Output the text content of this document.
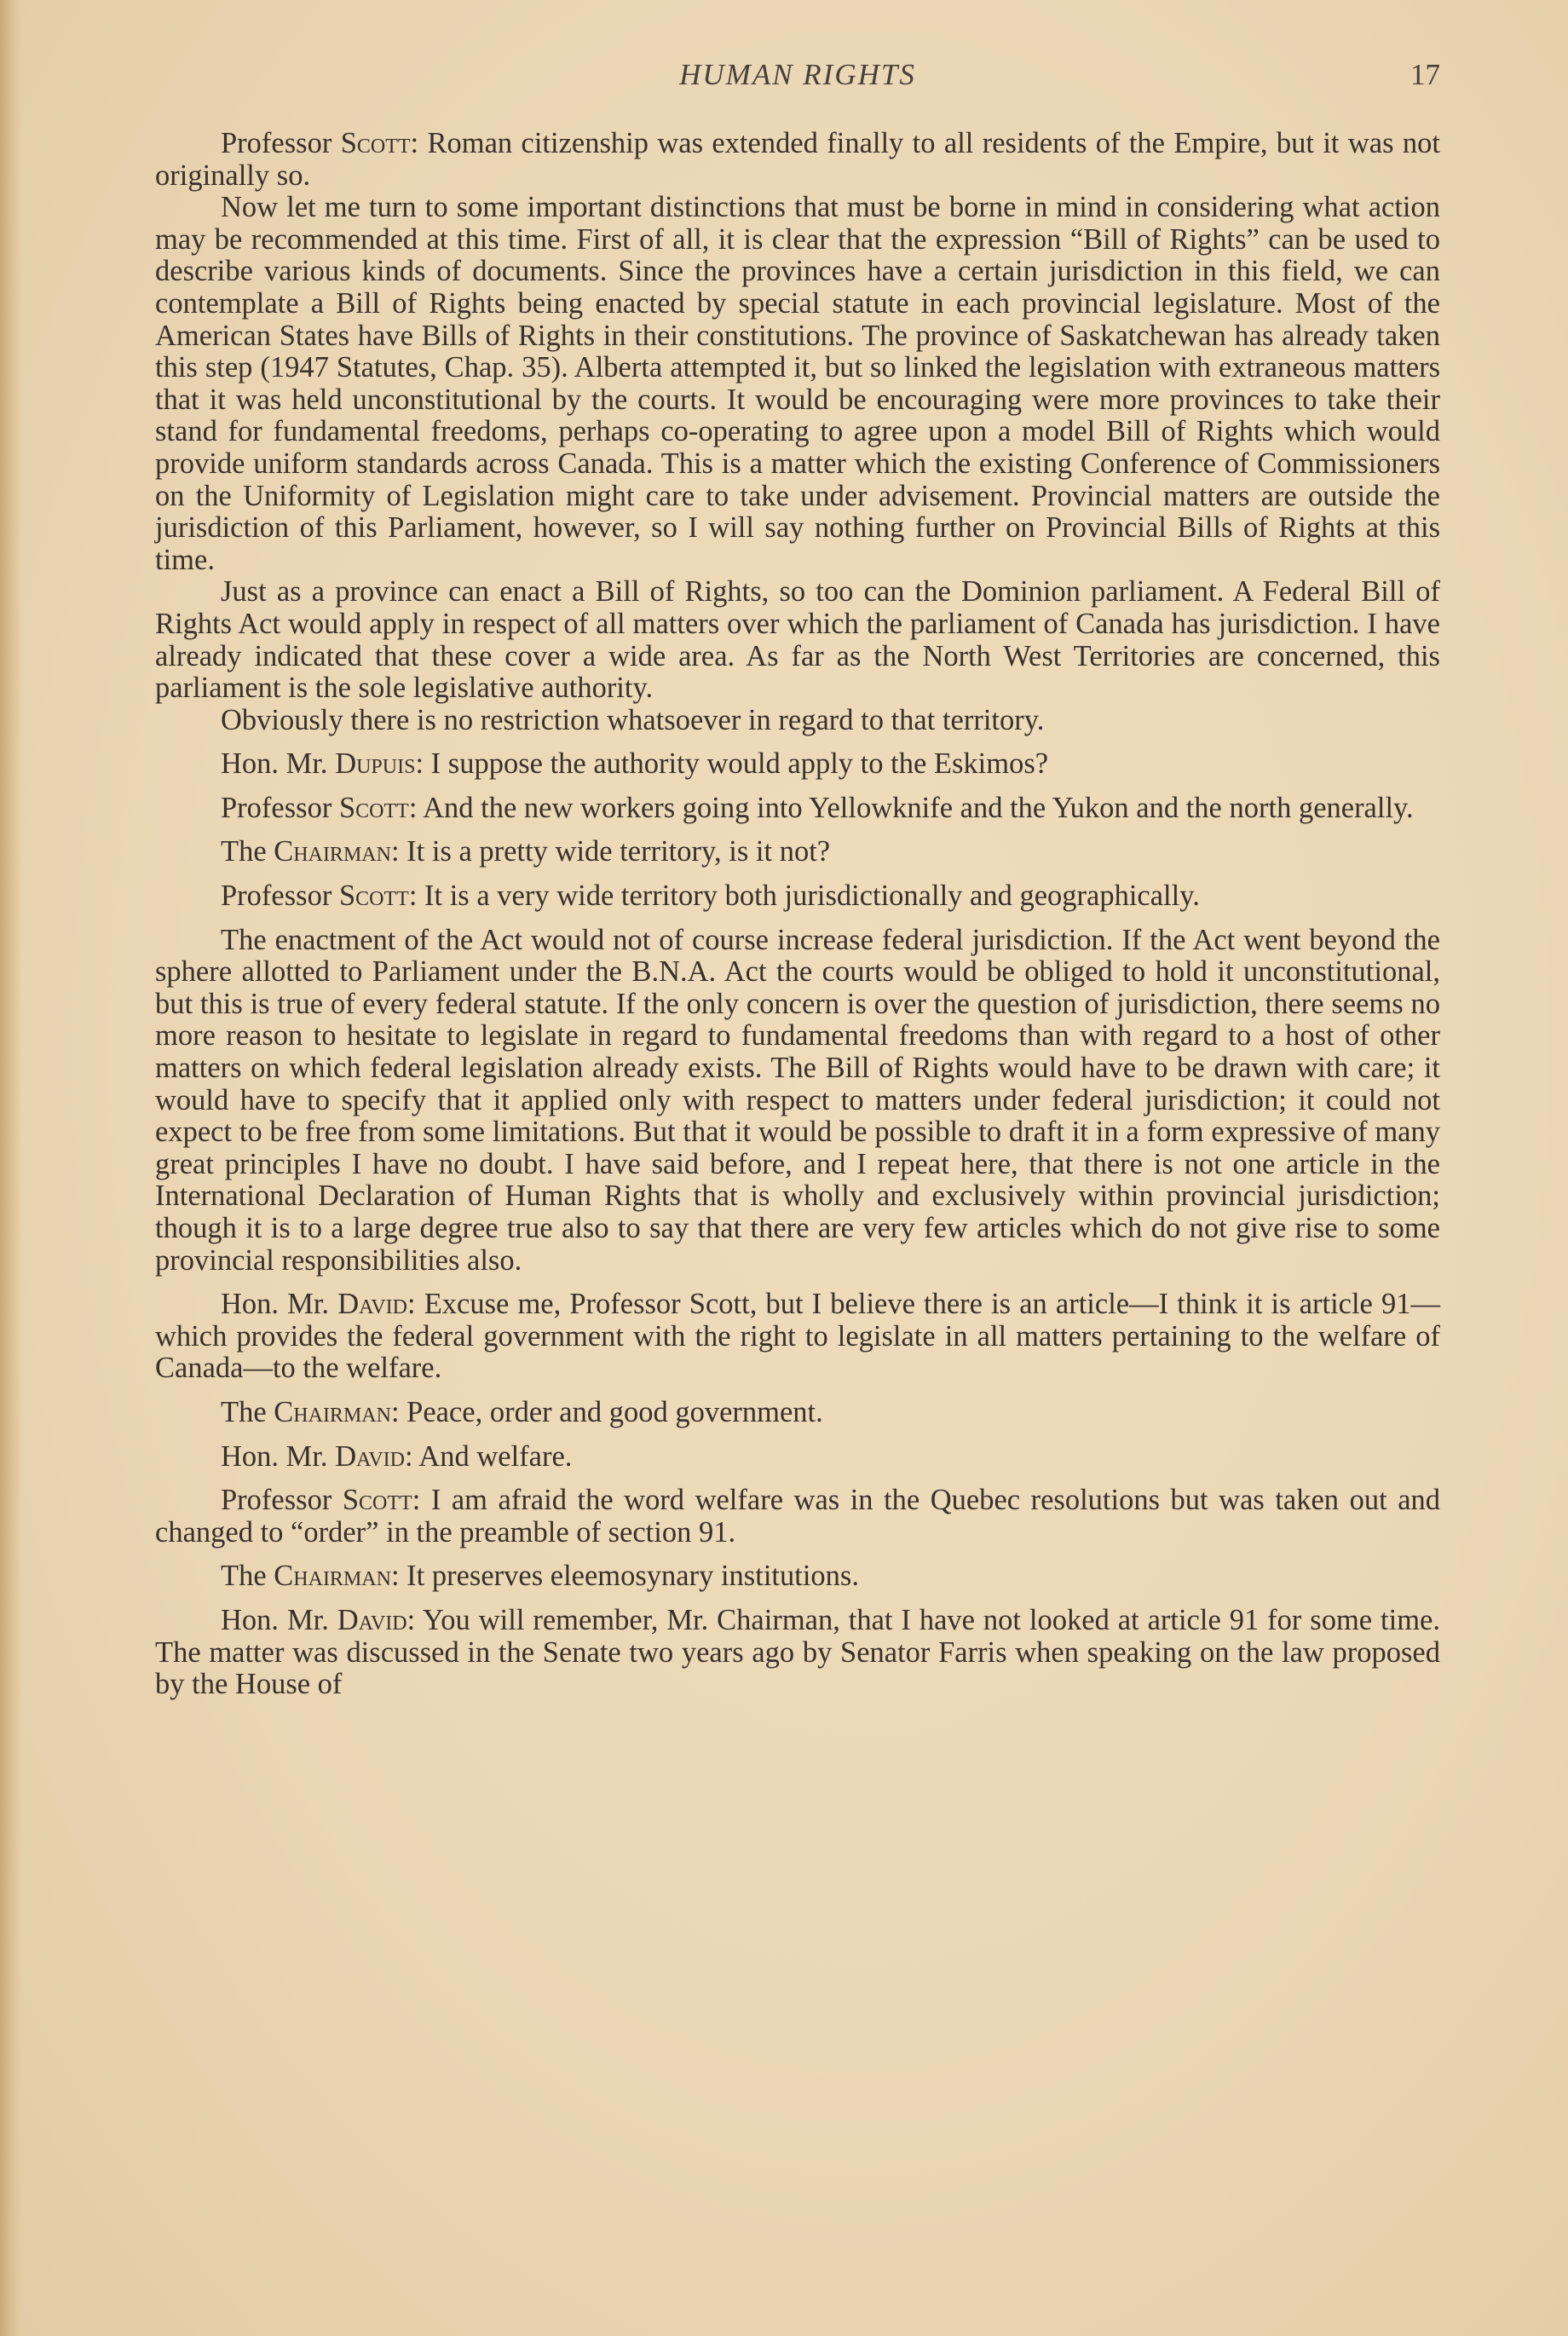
HUMAN RIGHTS	17

Professor Scott: Roman citizenship was extended finally to all residents of the Empire, but it was not originally so.

Now let me turn to some important distinctions that must be borne in mind in considering what action may be recommended at this time. First of all, it is clear that the expression “Bill of Rights” can be used to describe various kinds of documents. Since the provinces have a certain jurisdiction in this field, we can contemplate a Bill of Rights being enacted by special statute in each provincial legislature. Most of the American States have Bills of Rights in their constitutions. The province of Saskatchewan has already taken this step (1947 Statutes, Chap. 35). Alberta attempted it, but so linked the legislation with extraneous matters that it was held unconstitutional by the courts. It would be encouraging were more provinces to take their stand for fundamental freedoms, perhaps co-operating to agree upon a model Bill of Rights which would provide uniform standards across Canada. This is a matter which the existing Conference of Commissioners on the Uniformity of Legislation might care to take under advisement. Provincial matters are outside the jurisdiction of this Parliament, however, so I will say nothing further on Provincial Bills of Rights at this time.

Just as a province can enact a Bill of Rights, so too can the Dominion parliament. A Federal Bill of Rights Act would apply in respect of all matters over which the parliament of Canada has jurisdiction. I have already indicated that these cover a wide area. As far as the North West Territories are concerned, this parliament is the sole legislative authority.

Obviously there is no restriction whatsoever in regard to that territory.

Hon. Mr. Dupuis: I suppose the authority would apply to the Eskimos?

Professor Scott: And the new workers going into Yellowknife and the Yukon and the north generally.

The Chairman: It is a pretty wide territory, is it not?

Professor Scott: It is a very wide territory both jurisdictionally and geographically.

The enactment of the Act would not of course increase federal jurisdiction. If the Act went beyond the sphere allotted to Parliament under the B.N.A. Act the courts would be obliged to hold it unconstitutional, but this is true of every federal statute. If the only concern is over the question of jurisdiction, there seems no more reason to hesitate to legislate in regard to fundamental freedoms than with regard to a host of other matters on which federal legislation already exists. The Bill of Rights would have to be drawn with care; it would have to specify that it applied only with respect to matters under federal jurisdiction; it could not expect to be free from some limitations. But that it would be possible to draft it in a form expressive of many great principles I have no doubt. I have said before, and I repeat here, that there is not one article in the International Declaration of Human Rights that is wholly and exclusively within provincial jurisdiction; though it is to a large degree true also to say that there are very few articles which do not give rise to some provincial responsibilities also.

Hon. Mr. David: Excuse me, Professor Scott, but I believe there is an article—I think it is article 91—which provides the federal government with the right to legislate in all matters pertaining to the welfare of Canada—to the welfare.

The Chairman: Peace, order and good government.

Hon. Mr. David: And welfare.

Professor Scott: I am afraid the word welfare was in the Quebec resolutions but was taken out and changed to “order” in the preamble of section 91.

The Chairman: It preserves eleemosynary institutions.

Hon. Mr. David: You will remember, Mr. Chairman, that I have not looked at article 91 for some time. The matter was discussed in the Senate two years ago by Senator Farris when speaking on the law proposed by the House of
